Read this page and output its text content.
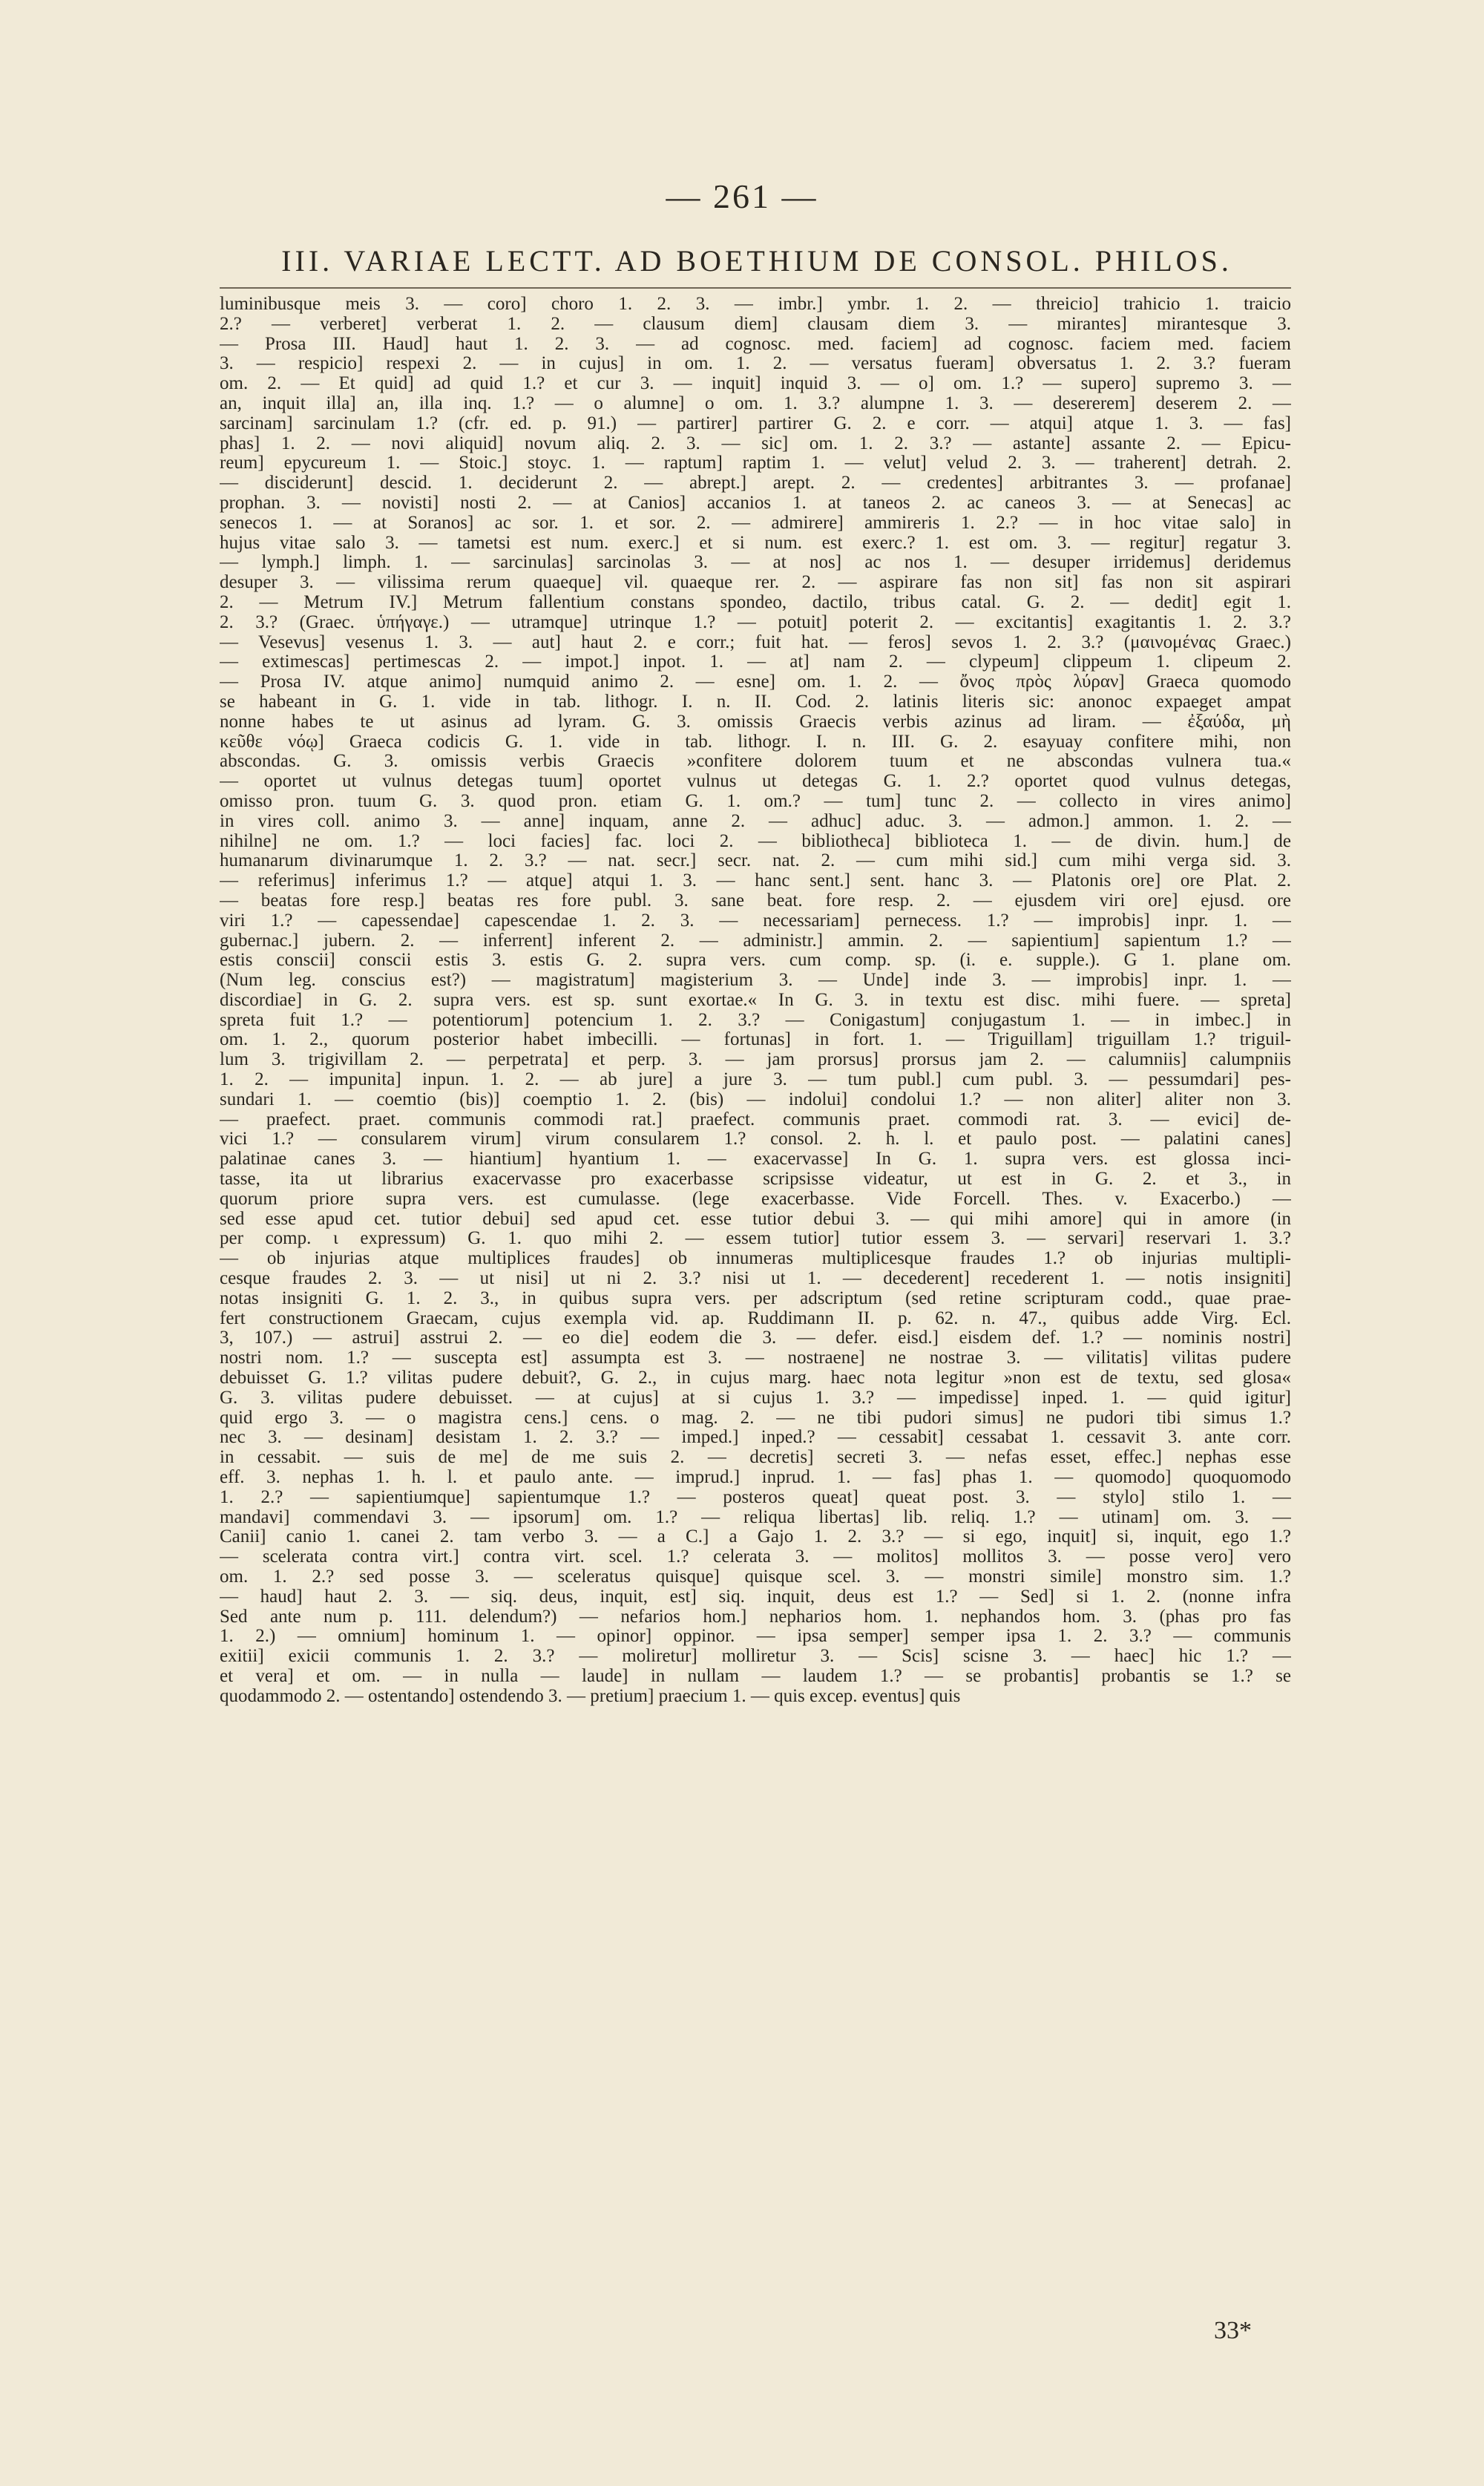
— 261 —
III. VARIAE LECTT. AD BOETHIUM DE CONSOL. PHILOS.
luminibusque meis 3. — coro] choro 1. 2. 3. — imbr.] ymbr. 1. 2. — threicio] trahicio 1. traicio
2.? — verberet] verberat 1. 2. — clausum diem] clausam diem 3. — mirantes] mirantesque 3.
— Prosa III. Haud] haut 1. 2. 3. — ad cognosc. med. faciem] ad cognosc. faciem med. faciem
3. — respicio] respexi 2. — in cujus] in om. 1. 2. — versatus fueram] obversatus 1. 2. 3.? fueram
om. 2. — Et quid] ad quid 1.? et cur 3. — inquit] inquid 3. — o] om. 1.? — supero] supremo 3. —
an, inquit illa] an, illa inq. 1.? — o alumne] o om. 1. 3.? alumpne 1. 3. — desererem] deserem 2. —
sarcinam] sarcinulam 1.? (cfr. ed. p. 91.) — partirer] partirer G. 2. e corr. — atqui] atque 1. 3. — fas]
phas] 1. 2. — novi aliquid] novum aliq. 2. 3. — sic] om. 1. 2. 3.? — astante] assante 2. — Epicu-
reum] epycureum 1. — Stoic.] stoyc. 1. — raptum] raptim 1. — velut] velud 2. 3. — traherent] detrah. 2.
— disciderunt] descid. 1. deciderunt 2. — abrept.] arept. 2. — credentes] arbitrantes 3. — profanae]
prophan. 3. — novisti] nosti 2. — at Canios] accanios 1. at taneos 2. ac caneos 3. — at Senecas] ac
senecos 1. — at Soranos] ac sor. 1. et sor. 2. — admirere] ammireris 1. 2.? — in hoc vitae salo] in
hujus vitae salo 3. — tametsi est num. exerc.] et si num. est exerc.? 1. est om. 3. — regitur] regatur 3.
— lymph.] limph. 1. — sarcinulas] sarcinolas 3. — at nos] ac nos 1. — desuper irridemus] deridemus
desuper 3. — vilissima rerum quaeque] vil. quaeque rer. 2. — aspirare fas non sit] fas non sit aspirari
2. — Metrum IV.] Metrum fallentium constans spondeo, dactilo, tribus catal. G. 2. — dedit] egit 1.
2. 3.? (Graec. ὑπήγαγε.) — utramque] utrinque 1.? — potuit] poterit 2. — excitantis] exagitantis 1. 2. 3.?
— Vesevus] vesenus 1. 3. — aut] haut 2. e corr.; fuit hat. — feros] sevos 1. 2. 3.? (μαινομένας Graec.)
— extimescas] pertimescas 2. — impot.] inpot. 1. — at] nam 2. — clypeum] clippeum 1. clipeum 2.
— Prosa IV. atque animo] numquid animo 2. — esne] om. 1. 2. — ὄνος πρὸς λύραν] Graeca quomodo
se habeant in G. 1. vide in tab. lithogr. I. n. II. Cod. 2. latinis literis sic: anonoc expaeget ampat
nonne habes te ut asinus ad lyram. G. 3. omissis Graecis verbis azinus ad liram. — ἐξαύδα, μὴ
κεῦθε νόῳ] Graeca codicis G. 1. vide in tab. lithogr. I. n. III. G. 2. esayuay confitere mihi, non
abscondas. G. 3. omissis verbis Graecis »confitere dolorem tuum et ne abscondas vulnera tua.«
— oportet ut vulnus detegas tuum] oportet vulnus ut detegas G. 1. 2.? oportet quod vulnus detegas,
omisso pron. tuum G. 3. quod pron. etiam G. 1. om.? — tum] tunc 2. — collecto in vires animo]
in vires coll. animo 3. — anne] inquam, anne 2. — adhuc] aduc. 3. — admon.] ammon. 1. 2. —
nihilne] ne om. 1.? — loci facies] fac. loci 2. — bibliotheca] biblioteca 1. — de divin. hum.] de
humanarum divinarumque 1. 2. 3.? — nat. secr.] secr. nat. 2. — cum mihi sid.] cum mihi verga sid. 3.
— referimus] inferimus 1.? — atque] atqui 1. 3. — hanc sent.] sent. hanc 3. — Platonis ore] ore Plat. 2.
— beatas fore resp.] beatas res fore publ. 3. sane beat. fore resp. 2. — ejusdem viri ore] ejusd. ore
viri 1.? — capessendae] capescendae 1. 2. 3. — necessariam] pernecess. 1.? — improbis] inpr. 1. —
gubernac.] jubern. 2. — inferrent] inferent 2. — administr.] ammin. 2. — sapientium] sapientum 1.? —
estis conscii] conscii estis 3. estis G. 2. supra vers. cum comp. sp. (i. e. supple.). G 1. plane om.
(Num leg. conscius est?) — magistratum] magisterium 3. — Unde] inde 3. — improbis] inpr. 1. —
discordiae] in G. 2. supra vers. est sp. sunt exortae.« In G. 3. in textu est disc. mihi fuere. — spreta]
spreta fuit 1.? — potentiorum] potencium 1. 2. 3.? — Conigastum] conjugastum 1. — in imbec.] in
om. 1. 2., quorum posterior habet imbecilli. — fortunas] in fort. 1. — Triguillam] triguillam 1.? triguil-
lum 3. trigivillam 2. — perpetrata] et perp. 3. — jam prorsus] prorsus jam 2. — calumniis] calumpniis
1. 2. — impunita] inpun. 1. 2. — ab jure] a jure 3. — tum publ.] cum publ. 3. — pessumdari] pes-
sundari 1. — coemtio (bis)] coemptio 1. 2. (bis) — indolui] condolui 1.? — non aliter] aliter non 3.
— praefect. praet. communis commodi rat.] praefect. communis praet. commodi rat. 3. — evici] de-
vici 1.? — consularem virum] virum consularem 1.? consol. 2. h. l. et paulo post. — palatini canes]
palatinae canes 3. — hiantium] hyantium 1. — exacervasse] In G. 1. supra vers. est glossa inci-
tasse, ita ut librarius exacervasse pro exacerbasse scripsisse videatur, ut est in G. 2. et 3., in
quorum priore supra vers. est cumulasse. (lege exacerbasse. Vide Forcell. Thes. v. Exacerbo.) —
sed esse apud cet. tutior debui] sed apud cet. esse tutior debui 3. — qui mihi amore] qui in amore (in
per comp. ι expressum) G. 1. quo mihi 2. — essem tutior] tutior essem 3. — servari] reservari 1. 3.?
— ob injurias atque multiplices fraudes] ob innumeras multiplicesque fraudes 1.? ob injurias multipli-
cesque fraudes 2. 3. — ut nisi] ut ni 2. 3.? nisi ut 1. — decederent] recederent 1. — notis insigniti]
notas insigniti G. 1. 2. 3., in quibus supra vers. per adscriptum (sed retine scripturam codd., quae prae-
fert constructionem Graecam, cujus exempla vid. ap. Ruddimann II. p. 62. n. 47., quibus adde Virg. Ecl.
3, 107.) — astrui] asstrui 2. — eo die] eodem die 3. — defer. eisd.] eisdem def. 1.? — nominis nostri]
nostri nom. 1.? — suscepta est] assumpta est 3. — nostraene] ne nostrae 3. — vilitatis] vilitas pudere
debuisset G. 1.? vilitas pudere debuit?, G. 2., in cujus marg. haec nota legitur »non est de textu, sed glosa«
G. 3. vilitas pudere debuisset. — at cujus] at si cujus 1. 3.? — impedisse] inped. 1. — quid igitur]
quid ergo 3. — o magistra cens.] cens. o mag. 2. — ne tibi pudori simus] ne pudori tibi simus 1.?
nec 3. — desinam] desistam 1. 2. 3.? — imped.] inped.? — cessabit] cessabat 1. cessavit 3. ante corr.
in cessabit. — suis de me] de me suis 2. — decretis] secreti 3. — nefas esset, effec.] nephas esse
eff. 3. nephas 1. h. l. et paulo ante. — imprud.] inprud. 1. — fas] phas 1. — quomodo] quoquomodo
1. 2.? — sapientiumque] sapientumque 1.? — posteros queat] queat post. 3. — stylo] stilo 1. —
mandavi] commendavi 3. — ipsorum] om. 1.? — reliqua libertas] lib. reliq. 1.? — utinam] om. 3. —
Canii] canio 1. canei 2. tam verbo 3. — a C.] a Gajo 1. 2. 3.? — si ego, inquit] si, inquit, ego 1.?
— scelerata contra virt.] contra virt. scel. 1.? celerata 3. — molitos] mollitos 3. — posse vero] vero
om. 1. 2.? sed posse 3. — sceleratus quisque] quisque scel. 3. — monstri simile] monstro sim. 1.?
— haud] haut 2. 3. — siq. deus, inquit, est] siq. inquit, deus est 1.? — Sed] si 1. 2. (nonne infra
Sed ante num p. 111. delendum?) — nefarios hom.] nepharios hom. 1. nephandos hom. 3. (phas pro fas
1. 2.) — omnium] hominum 1. — opinor] oppinor. — ipsa semper] semper ipsa 1. 2. 3.? — communis
exitii] exicii communis 1. 2. 3.? — moliretur] molliretur 3. — Scis] scisne 3. — haec] hic 1.? —
et vera] et om. — in nulla — laude] in nullam — laudem 1.? — se probantis] probantis se 1.? se
quodammodo 2. — ostentando] ostendendo 3. — pretium] praecium 1. — quis excep. eventus] quis
33*
